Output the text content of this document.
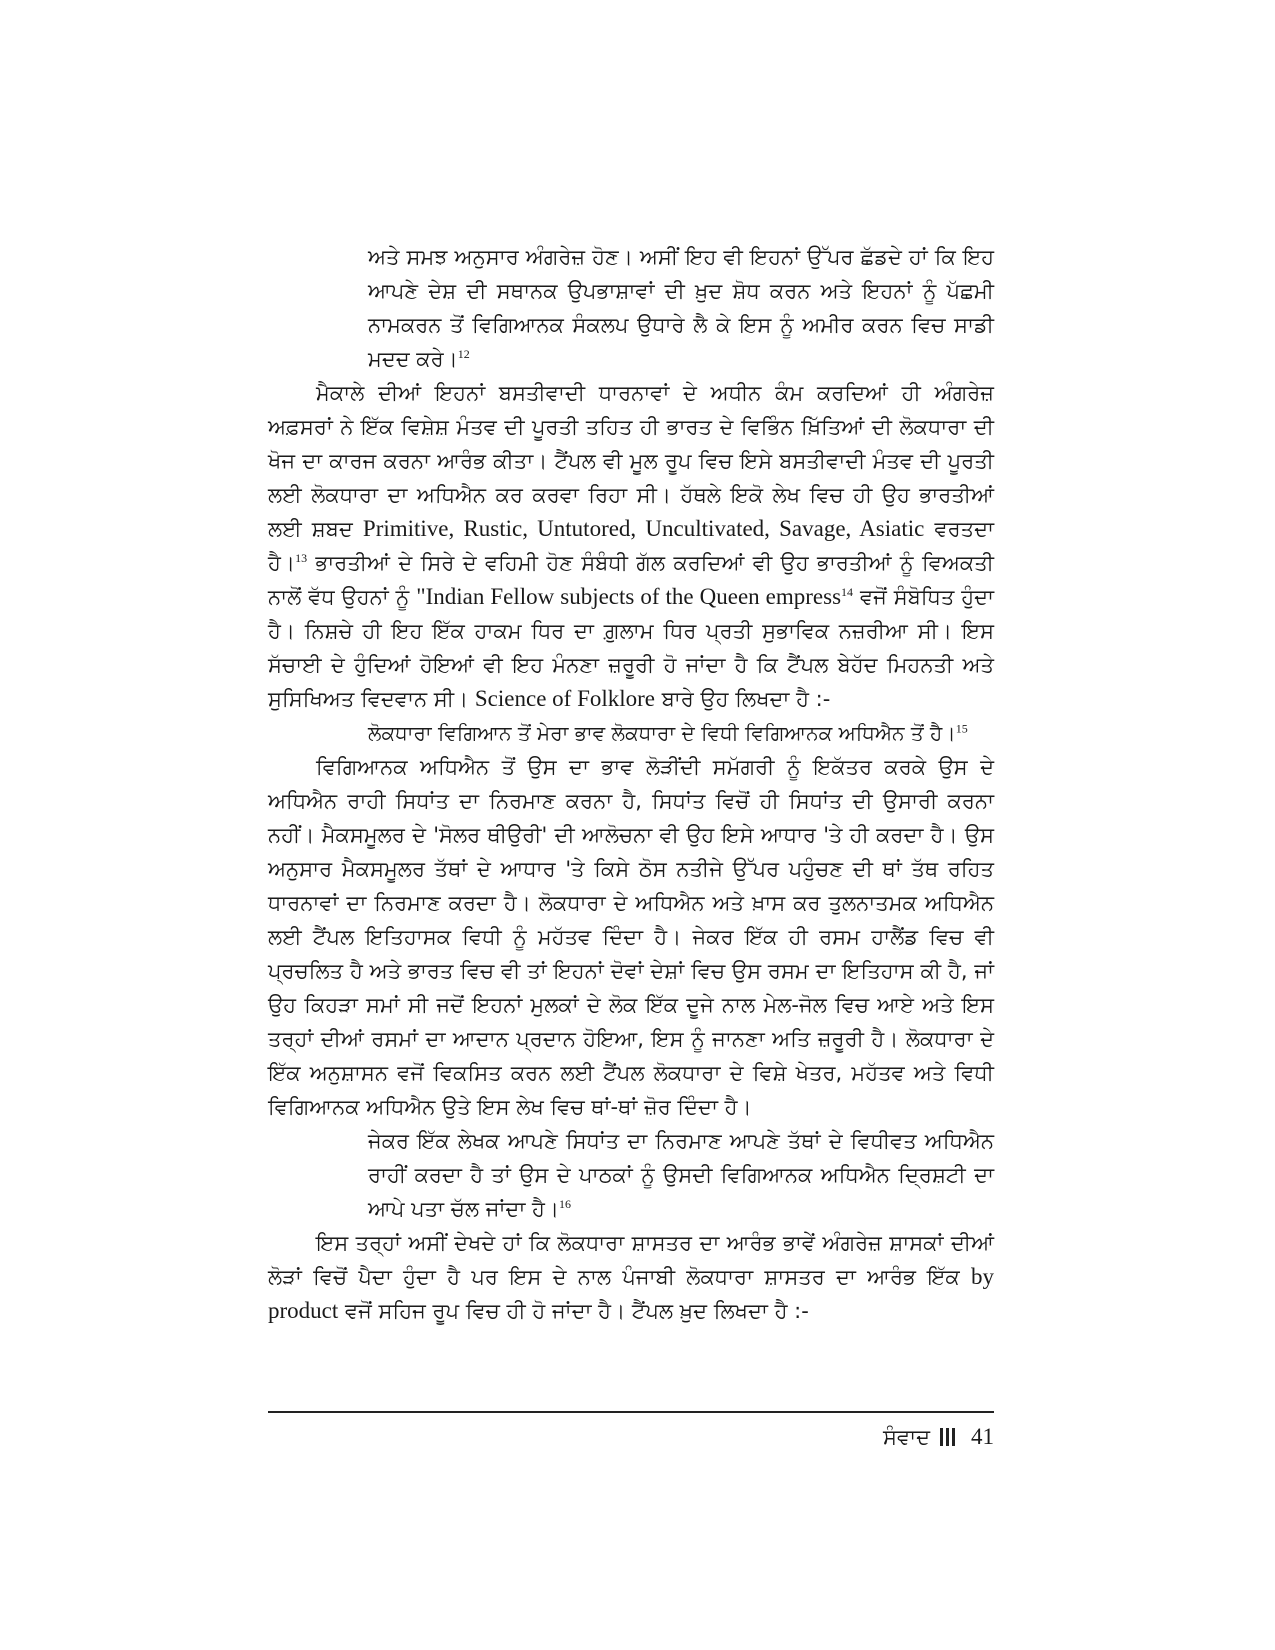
ਅਤੇ ਸਮਝ ਅਨੁਸਾਰ ਅੰਗਰੇਜ਼ ਹੋਣ। ਅਸੀਂ ਇਹ ਵੀ ਇਹਨਾਂ ਉੱਪਰ ਛੱਡਦੇ ਹਾਂ ਕਿ ਇਹ ਆਪਣੇ ਦੇਸ਼ ਦੀ ਸਥਾਨਕ ਉਪਭਾਸ਼ਾਵਾਂ ਦੀ ਖ਼ੁਦ ਸ਼ੋਧ ਕਰਨ ਅਤੇ ਇਹਨਾਂ ਨੂੰ ਪੱਛਮੀ ਨਾਮਕਰਨ ਤੋਂ ਵਿਗਿਆਨਕ ਸੰਕਲਪ ਉਧਾਰੇ ਲੈ ਕੇ ਇਸ ਨੂੰ ਅਮੀਰ ਕਰਨ ਵਿਚ ਸਾਡੀ ਮਦਦ ਕਰੇ।$^{12}$

ਮੈਕਾਲੇ ਦੀਆਂ ਇਹਨਾਂ ਬਸਤੀਵਾਦੀ ਧਾਰਨਾਵਾਂ ਦੇ ਅਧੀਨ ਕੰਮ ਕਰਦਿਆਂ ਹੀ ਅੰਗਰੇਜ਼ ਅਫ਼ਸਰਾਂ ਨੇ ਇੱਕ ਵਿਸ਼ੇਸ਼ ਮੰਤਵ ਦੀ ਪੂਰਤੀ ਤਹਿਤ ਹੀ ਭਾਰਤ ਦੇ ਵਿਭਿੰਨ ਖ਼ਿੱਤਿਆਂ ਦੀ ਲੋਕਧਾਰਾ ਦੀ ਖੋਜ ਦਾ ਕਾਰਜ ਕਰਨਾ ਆਰੰਭ ਕੀਤਾ। ਟੈਂਪਲ ਵੀ ਮੂਲ ਰੂਪ ਵਿਚ ਇਸੇ ਬਸਤੀਵਾਦੀ ਮੰਤਵ ਦੀ ਪੂਰਤੀ ਲਈ ਲੋਕਧਾਰਾ ਦਾ ਅਧਿਐਨ ਕਰ ਕਰਵਾ ਰਿਹਾ ਸੀ। ਹੱਥਲੇ ਇਕੋ ਲੇਖ ਵਿਚ ਹੀ ਉਹ ਭਾਰਤੀਆਂ ਲਈ ਸ਼ਬਦ Primitive, Rustic, Untutored, Uncultivated, Savage, Asiatic ਵਰਤਦਾ ਹੈ।$^{13}$ ਭਾਰਤੀਆਂ ਦੇ ਸਿਰੇ ਦੇ ਵਹਿਮੀ ਹੋਣ ਸੰਬੰਧੀ ਗੱਲ ਕਰਦਿਆਂ ਵੀ ਉਹ ਭਾਰਤੀਆਂ ਨੂੰ ਵਿਅਕਤੀ ਨਾਲੋਂ ਵੱਧ ਉਹਨਾਂ ਨੂੰ "Indian Fellow subjects of the Queen empress$^{14}$ ਵਜੋਂ ਸੰਬੋਧਿਤ ਹੁੰਦਾ ਹੈ। ਨਿਸ਼ਚੇ ਹੀ ਇਹ ਇੱਕ ਹਾਕਮ ਧਿਰ ਦਾ ਗ਼ੁਲਾਮ ਧਿਰ ਪ੍ਰਤੀ ਸੁਭਾਵਿਕ ਨਜ਼ਰੀਆ ਸੀ। ਇਸ ਸੱਚਾਈ ਦੇ ਹੁੰਦਿਆਂ ਹੋਇਆਂ ਵੀ ਇਹ ਮੰਨਣਾ ਜ਼ਰੂਰੀ ਹੋ ਜਾਂਦਾ ਹੈ ਕਿ ਟੈਂਪਲ ਬੇਹੱਦ ਮਿਹਨਤੀ ਅਤੇ ਸੁਸਿਖਿਅਤ ਵਿਦਵਾਨ ਸੀ। Science of Folklore ਬਾਰੇ ਉਹ ਲਿਖਦਾ ਹੈ :-

ਲੋਕਧਾਰਾ ਵਿਗਿਆਨ ਤੋਂ ਮੇਰਾ ਭਾਵ ਲੋਕਧਾਰਾ ਦੇ ਵਿਧੀ ਵਿਗਿਆਨਕ ਅਧਿਐਨ ਤੋਂ ਹੈ।$^{15}$

ਵਿਗਿਆਨਕ ਅਧਿਐਨ ਤੋਂ ਉਸ ਦਾ ਭਾਵ ਲੋੜੀਂਦੀ ਸਮੱਗਰੀ ਨੂੰ ਇਕੱਤਰ ਕਰਕੇ ਉਸ ਦੇ ਅਧਿਐਨ ਰਾਹੀ ਸਿਧਾਂਤ ਦਾ ਨਿਰਮਾਣ ਕਰਨਾ ਹੈ, ਸਿਧਾਂਤ ਵਿਚੋਂ ਹੀ ਸਿਧਾਂਤ ਦੀ ਉਸਾਰੀ ਕਰਨਾ ਨਹੀਂ। ਮੈਕਸਮੂਲਰ ਦੇ 'ਸੋਲਰ ਥੀਉਰੀ' ਦੀ ਆਲੋਚਨਾ ਵੀ ਉਹ ਇਸੇ ਆਧਾਰ 'ਤੇ ਹੀ ਕਰਦਾ ਹੈ। ਉਸ ਅਨੁਸਾਰ ਮੈਕਸਮੂਲਰ ਤੱਥਾਂ ਦੇ ਆਧਾਰ 'ਤੇ ਕਿਸੇ ਠੋਸ ਨਤੀਜੇ ਉੱਪਰ ਪਹੁੰਚਣ ਦੀ ਥਾਂ ਤੱਥ ਰਹਿਤ ਧਾਰਨਾਵਾਂ ਦਾ ਨਿਰਮਾਣ ਕਰਦਾ ਹੈ। ਲੋਕਧਾਰਾ ਦੇ ਅਧਿਐਨ ਅਤੇ ਖ਼ਾਸ ਕਰ ਤੁਲਨਾਤਮਕ ਅਧਿਐਨ ਲਈ ਟੈਂਪਲ ਇਤਿਹਾਸਕ ਵਿਧੀ ਨੂੰ ਮਹੱਤਵ ਦਿੰਦਾ ਹੈ। ਜੇਕਰ ਇੱਕ ਹੀ ਰਸਮ ਹਾਲੈਂਡ ਵਿਚ ਵੀ ਪ੍ਰਚਲਿਤ ਹੈ ਅਤੇ ਭਾਰਤ ਵਿਚ ਵੀ ਤਾਂ ਇਹਨਾਂ ਦੋਵਾਂ ਦੇਸ਼ਾਂ ਵਿਚ ਉਸ ਰਸਮ ਦਾ ਇਤਿਹਾਸ ਕੀ ਹੈ, ਜਾਂ ਉਹ ਕਿਹੜਾ ਸਮਾਂ ਸੀ ਜਦੋਂ ਇਹਨਾਂ ਮੁਲਕਾਂ ਦੇ ਲੋਕ ਇੱਕ ਦੂਜੇ ਨਾਲ ਮੇਲ-ਜੋਲ ਵਿਚ ਆਏ ਅਤੇ ਇਸ ਤਰ੍ਹਾਂ ਦੀਆਂ ਰਸਮਾਂ ਦਾ ਆਦਾਨ ਪ੍ਰਦਾਨ ਹੋਇਆ, ਇਸ ਨੂੰ ਜਾਨਣਾ ਅਤਿ ਜ਼ਰੂਰੀ ਹੈ। ਲੋਕਧਾਰਾ ਦੇ ਇੱਕ ਅਨੁਸ਼ਾਸਨ ਵਜੋਂ ਵਿਕਸਿਤ ਕਰਨ ਲਈ ਟੈਂਪਲ ਲੋਕਧਾਰਾ ਦੇ ਵਿਸ਼ੇ ਖੇਤਰ, ਮਹੱਤਵ ਅਤੇ ਵਿਧੀ ਵਿਗਿਆਨਕ ਅਧਿਐਨ ਉਤੇ ਇਸ ਲੇਖ ਵਿਚ ਥਾਂ-ਥਾਂ ਜ਼ੋਰ ਦਿੰਦਾ ਹੈ।

ਜੇਕਰ ਇੱਕ ਲੇਖਕ ਆਪਣੇ ਸਿਧਾਂਤ ਦਾ ਨਿਰਮਾਣ ਆਪਣੇ ਤੱਥਾਂ ਦੇ ਵਿਧੀਵਤ ਅਧਿਐਨ ਰਾਹੀਂ ਕਰਦਾ ਹੈ ਤਾਂ ਉਸ ਦੇ ਪਾਠਕਾਂ ਨੂੰ ਉਸਦੀ ਵਿਗਿਆਨਕ ਅਧਿਐਨ ਦ੍ਰਿਸ਼ਟੀ ਦਾ ਆਪੇ ਪਤਾ ਚੱਲ ਜਾਂਦਾ ਹੈ।$^{16}$

ਇਸ ਤਰ੍ਹਾਂ ਅਸੀਂ ਦੇਖਦੇ ਹਾਂ ਕਿ ਲੋਕਧਾਰਾ ਸ਼ਾਸਤਰ ਦਾ ਆਰੰਭ ਭਾਵੇਂ ਅੰਗਰੇਜ਼ ਸ਼ਾਸਕਾਂ ਦੀਆਂ ਲੋੜਾਂ ਵਿਚੋਂ ਪੈਦਾ ਹੁੰਦਾ ਹੈ ਪਰ ਇਸ ਦੇ ਨਾਲ ਪੰਜਾਬੀ ਲੋਕਧਾਰਾ ਸ਼ਾਸਤਰ ਦਾ ਆਰੰਭ ਇੱਕ by product ਵਜੋਂ ਸਹਿਜ ਰੂਪ ਵਿਚ ਹੀ ਹੋ ਜਾਂਦਾ ਹੈ। ਟੈਂਪਲ ਖ਼ੁਦ ਲਿਖਦਾ ਹੈ :-

ਸੰਵਾਦ 41
